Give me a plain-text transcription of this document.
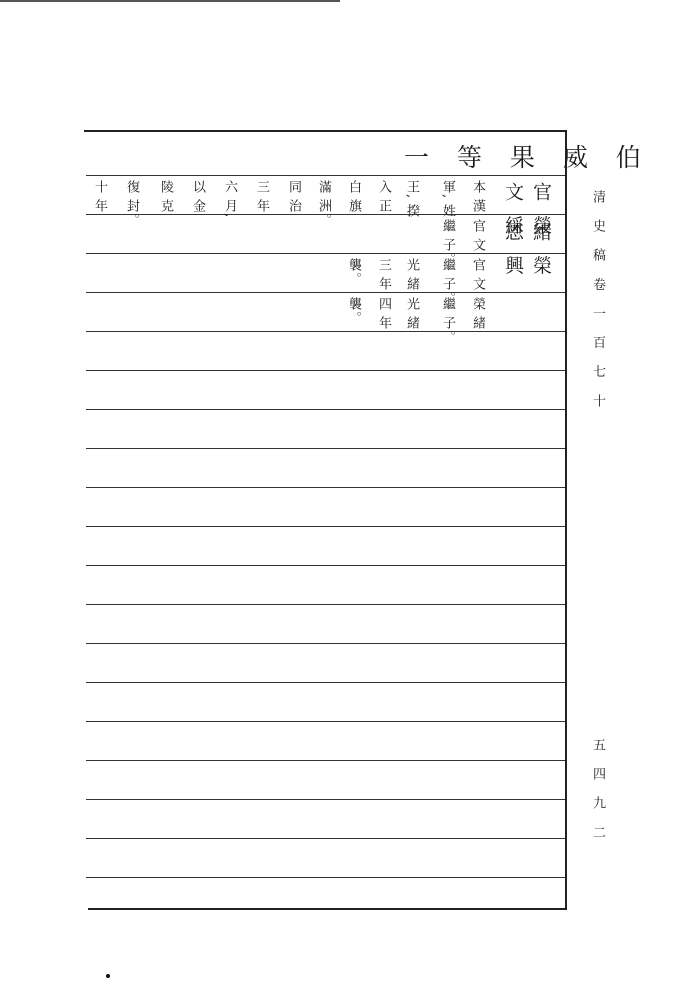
一 等 果 威 伯
官 榮
文 綵
緒 榮
恩 興
本 漢
軍, 姓
王, 揆
入 正
白 旗
滿 洲。
同 治
三 年
六 月,
以 金
陵 克
復 封。
十 年
官 文
繼 子。
官 文
繼 子。
光 緒
三 年
襲。
榮 緒
繼 子。
光 緒
四 年
襲。	清 史 稿 卷 一 百 七 十
五 四 九 二
